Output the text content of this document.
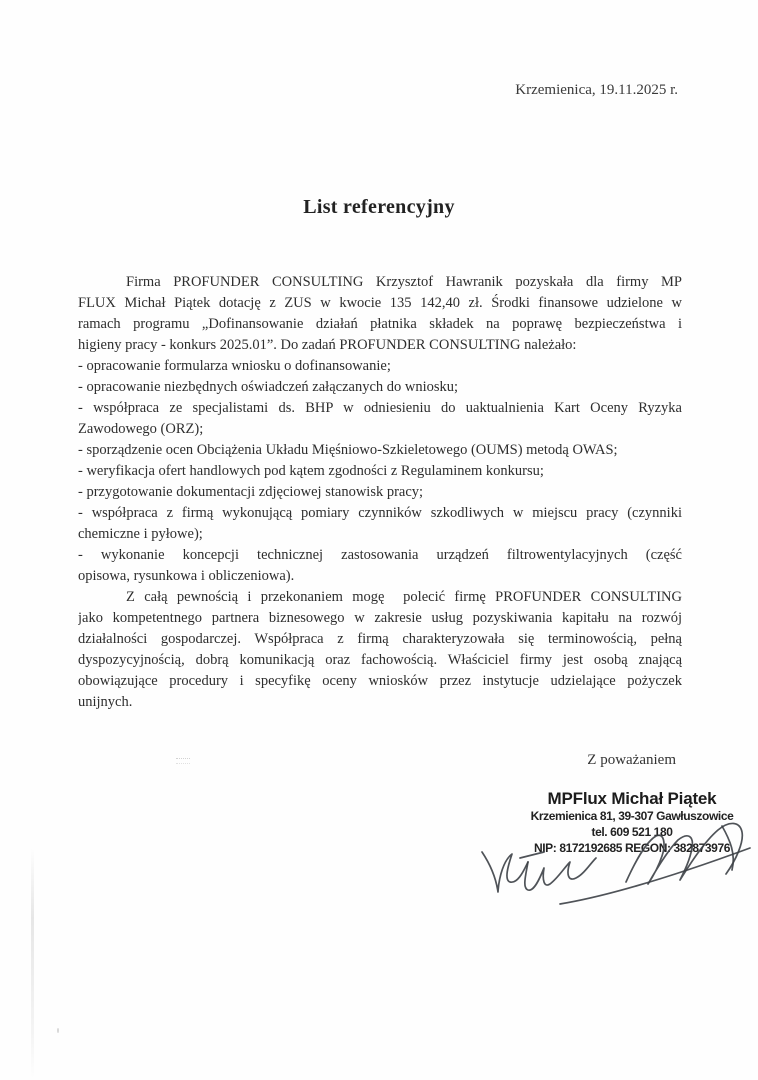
Krzemienica, 19.11.2025 r.
List referencyjny
Firma PROFUNDER CONSULTING Krzysztof Hawranik pozyskała dla firmy MP
FLUX Michał Piątek dotację z ZUS w kwocie 135 142,40 zł. Środki finansowe udzielone w
ramach programu „Dofinansowanie działań płatnika składek na poprawę bezpieczeństwa i
higieny pracy - konkurs 2025.01”. Do zadań PROFUNDER CONSULTING należało:
- opracowanie formularza wniosku o dofinansowanie;
- opracowanie niezbędnych oświadczeń załączanych do wniosku;
- współpraca ze specjalistami ds. BHP w odniesieniu do uaktualnienia Kart Oceny Ryzyka
Zawodowego (ORZ);
- sporządzenie ocen Obciążenia Układu Mięśniowo-Szkieletowego (OUMS) metodą OWAS;
- weryfikacja ofert handlowych pod kątem zgodności z Regulaminem konkursu;
- przygotowanie dokumentacji zdjęciowej stanowisk pracy;
- współpraca z firmą wykonującą pomiary czynników szkodliwych w miejscu pracy (czynniki
chemiczne i pyłowe);
- wykonanie koncepcji technicznej zastosowania urządzeń filtrowentylacyjnych (część
opisowa, rysunkowa i obliczeniowa).
Z całą pewnością i przekonaniem mogę  polecić firmę PROFUNDER CONSULTING
jako kompetentnego partnera biznesowego w zakresie usług pozyskiwania kapitału na rozwój
działalności gospodarczej. Współpraca z firmą charakteryzowała się terminowością, pełną
dyspozycyjnością, dobrą komunikacją oraz fachowością. Właściciel firmy jest osobą znającą
obowiązujące procedury i specyfikę oceny wniosków przez instytucje udzielające pożyczek
unijnych.
Z poważaniem
MPFlux Michał Piątek
Krzemienica 81, 39-307 Gawłuszowice
tel. 609 521 180
NIP: 8172192685 REGON: 382873976
